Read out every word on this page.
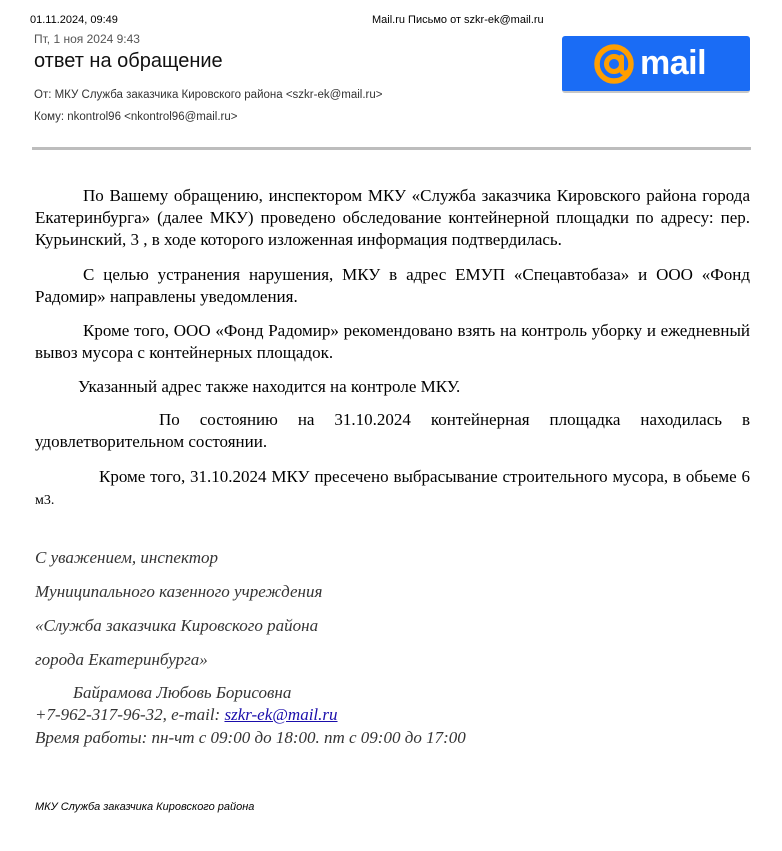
01.11.2024, 09:49	Mail.ru Письмо от szkr-ek@mail.ru
Пт, 1 ноя 2024 9:43
ответ на обращение
От: МКУ Служба заказчика Кировского района <szkr-ek@mail.ru>
Кому: nkontrol96 <nkontrol96@mail.ru>
mail
По Вашему обращению, инспектором МКУ «Служба заказчика Кировского района города Екатеринбурга» (далее МКУ) проведено обследование контейнерной площадки по адресу: пер. Курьинский, 3 , в ходе которого изложенная информация подтвердилась.
С целью устранения нарушения, МКУ в адрес ЕМУП «Спецавтобаза» и ООО «Фонд Радомир» направлены уведомления.
Кроме того, ООО «Фонд Радомир» рекомендовано взять на контроль уборку и ежедневный вывоз мусора с контейнерных площадок.
Указанный адрес также находится на контроле МКУ.
По состоянию на 31.10.2024 контейнерная площадка находилась в удовлетворительном состоянии.
Кроме того, 31.10.2024 МКУ пресечено выбрасывание строительного мусора, в обьеме 6 м3.
С уважением, инспектор
Муниципального казенного учреждения
«Служба заказчика Кировского района
города Екатеринбурга»
Байрамова Любовь Борисовна
+7-962-317-96-32, e-mail: szkr-ek@mail.ru
Время работы: пн-чт с 09:00 до 18:00. пт с 09:00 до 17:00
МКУ Служба заказчика Кировского района
